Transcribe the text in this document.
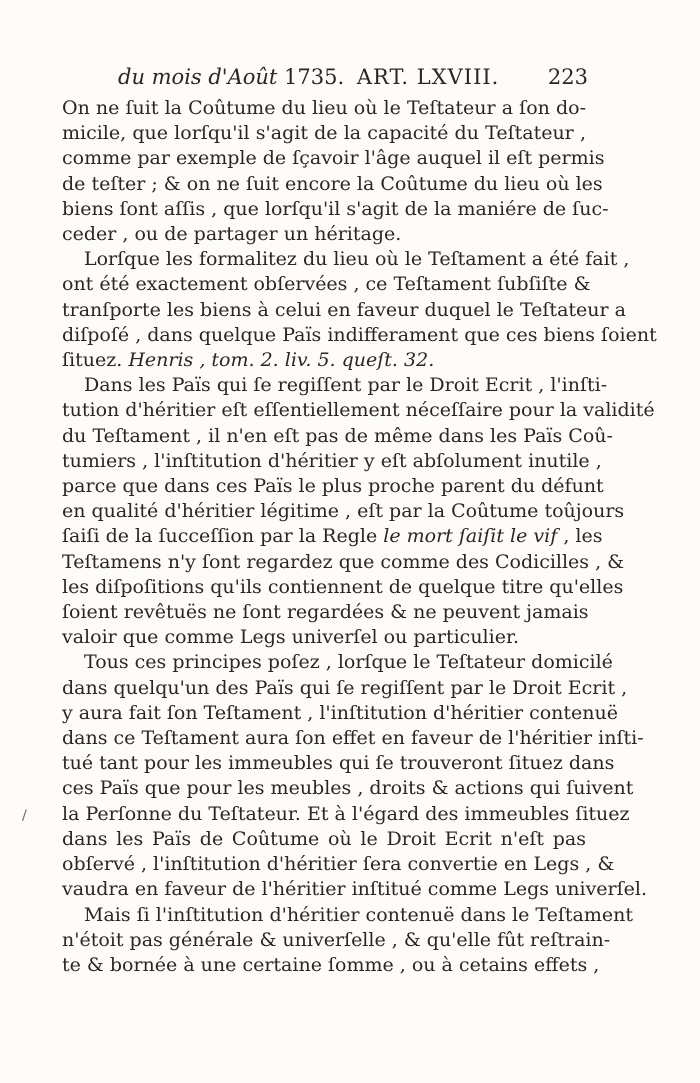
du mois d'Août 1735. ART. LXVIII. 223
/

On ne ſuit la Coûtume du lieu où le Teſtateur a ſon do-
micile, que lorſqu'il s'agit de la capacité du Teſtateur ,
comme par exemple de ſçavoir l'âge auquel il eſt permis
de teſter ; & on ne ſuit encore la Coûtume du lieu où les
biens ſont aſſis , que lorſqu'il s'agit de la maniére de ſuc-
ceder , ou de partager un héritage.

Lorſque les formalitez du lieu où le Teſtament a été fait ,
ont été exactement obſervées , ce Teſtament ſubſiſte &
tranſporte les biens à celui en faveur duquel le Teſtateur a
diſpoſé , dans quelque Païs indifferament que ces biens ſoient
ſituez. Henris , tom. 2. liv. 5. queſt. 32.

Dans les Païs qui ſe regiſſent par le Droit Ecrit , l'inſti-
tution d'héritier eſt eſſentiellement néceſſaire pour la validité
du Teſtament , il n'en eſt pas de même dans les Païs Coû-
tumiers , l'inſtitution d'héritier y eſt abſolument inutile ,
parce que dans ces Païs le plus proche parent du défunt
en qualité d'héritier légitime , eſt par la Coûtume toûjours
ſaiſi de la ſucceſſion par la Regle le mort ſaiſit le vif , les
Teſtamens n'y ſont regardez que comme des Codicilles , &
les diſpoſitions qu'ils contiennent de quelque titre qu'elles
ſoient revêtuës ne ſont regardées & ne peuvent jamais
valoir que comme Legs univerſel ou particulier.

Tous ces principes poſez , lorſque le Teſtateur domicilé
dans quelqu'un des Païs qui ſe regiſſent par le Droit Ecrit ,
y aura fait ſon Teſtament , l'inſtitution d'héritier contenuë
dans ce Teſtament aura ſon effet en faveur de l'héritier inſti-
tué tant pour les immeubles qui ſe trouveront ſituez dans
ces Païs que pour les meubles , droits & actions qui ſuivent
la Perſonne du Teſtateur. Et à l'égard des immeubles ſituez
dans les Païs de Coûtume où le Droit Ecrit n'eſt pas
obſervé , l'inſtitution d'héritier ſera convertie en Legs , &
vaudra en faveur de l'héritier inſtitué comme Legs univerſel.

Mais ſi l'inſtitution d'héritier contenuë dans le Teſtament
n'étoit pas générale & univerſelle , & qu'elle fût reſtrain-
te & bornée à une certaine ſomme , ou à cetains effets ,
